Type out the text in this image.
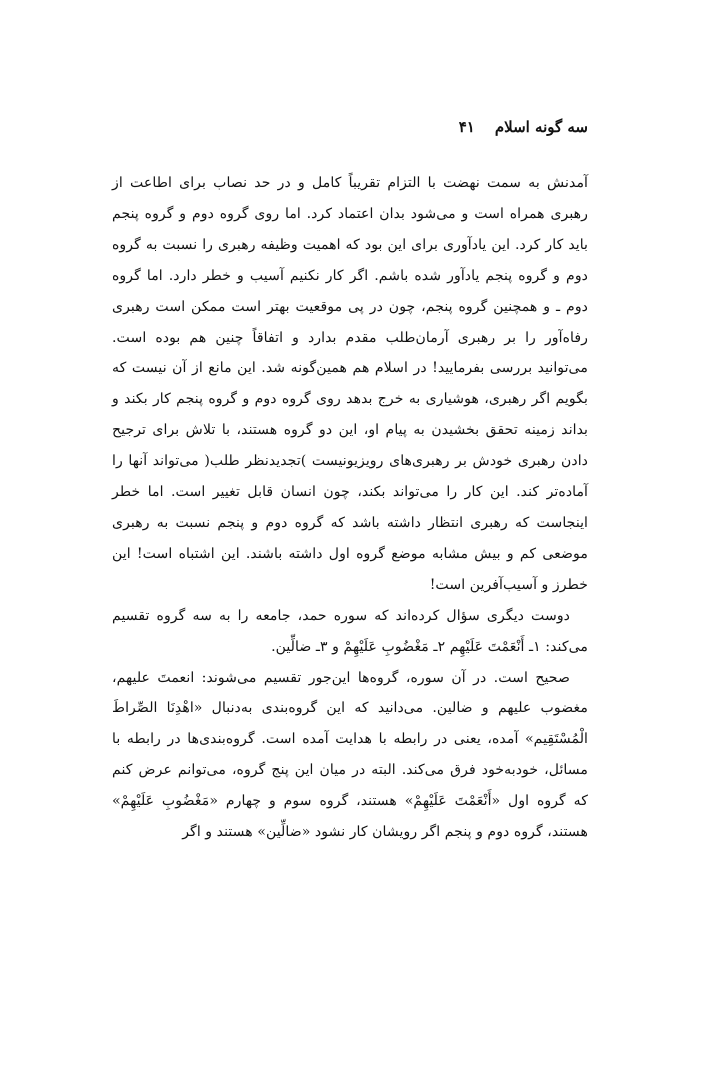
سه گونه اسلام
۴۱

آمدنش به سمت نهضت با التزام تقریباً کامل و در حد نصاب برای اطاعت از رهبری همراه است و می‌شود بدان اعتماد کرد. اما روی گروه دوم و گروه پنجم باید کار کرد. این یادآوری برای این بود که اهمیت وظیفه رهبری را نسبت به گروه دوم و گروه پنجم یادآور شده باشم. اگر کار نکنیم آسیب و خطر دارد. اما گروه دوم ـ و همچنین گروه پنجم، چون در پی موقعیت بهتر است ممکن است رهبری رفاه‌آور را بر رهبری آرمان‌طلب مقدم بدارد و اتفاقاً چنین هم بوده است. می‌توانید بررسی بفرمایید! در اسلام هم همین‌گونه شد. این مانع از آن نیست که بگویم اگر رهبری، هوشیاری به خرج بدهد روی گروه دوم و گروه پنجم کار بکند و بداند زمینه تحقق بخشیدن به پیام او، این دو گروه هستند، با تلاش برای ترجیح دادن رهبری خودش بر رهبری‌های رویزیونیست )تجدیدنظر طلب( می‌تواند آنها را آماده‌تر کند. این کار را می‌تواند بکند، چون انسان قابل تغییر است. اما خطر اینجاست که رهبری انتظار داشته باشد که گروه دوم و پنجم نسبت به رهبری موضعی کم و بیش مشابه موضع گروه اول داشته باشند. این اشتباه است! این خطرز و آسیب‌آفرین است!

دوست دیگری سؤال کرده‌اند که سوره حمد، جامعه را به سه گروه تقسیم می‌کند: ۱ـ أَنْعَمْتَ عَلَيْهِم ۲ـ مَغْضُوبِ عَلَيْهِمْ و ۳ـ ضالِّين.

صحیح است. در آن سوره، گروه‌ها این‌جور تقسیم می‌شوند: انعمتَ علیهم، مغضوب علیهم و ضالین. می‌دانید که این گروه‌بندی به‌دنبال «اهْدِنَا الصِّراطَ الْمُسْتَقِيم» آمده، یعنی در رابطه با هدایت آمده است. گروه‌بندی‌ها در رابطه با مسائل، خودبه‌خود فرق می‌کند. البته در میان این پنج گروه، می‌توانم عرض کنم که گروه اول «أَنْعَمْتَ عَلَيْهِمْ» هستند، گروه سوم و چهارم «مَغْضُوبِ عَلَيْهِمْ» هستند، گروه دوم و پنجم اگر رویشان کار نشود «ضالِّين» هستند و اگر
